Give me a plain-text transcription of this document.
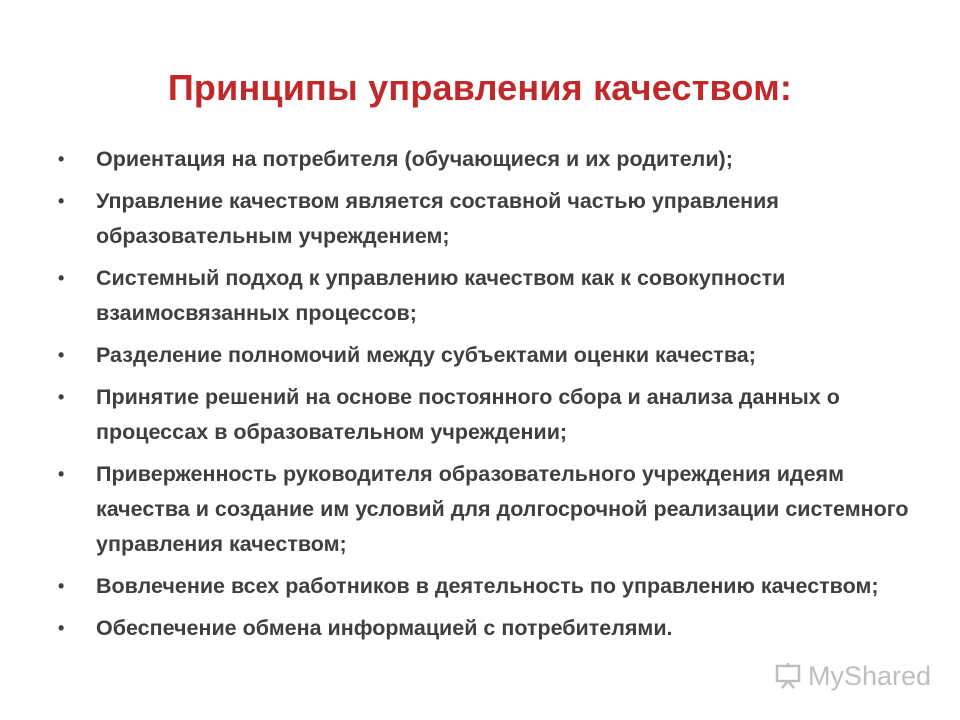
Принципы управления качеством:
• Ориентация на потребителя (обучающиеся и их родители);
• Управление качеством является составной частью управления образовательным учреждением;
• Системный подход к управлению качеством как к совокупности взаимосвязанных процессов;
• Разделение полномочий между субъектами оценки качества;
• Принятие решений на основе постоянного сбора и анализа данных о процессах в образовательном учреждении;
• Приверженность руководителя образовательного учреждения идеям качества и создание им условий для долгосрочной реализации системного управления качеством;
• Вовлечение всех работников в деятельность по управлению качеством;
• Обеспечение обмена информацией с потребителями.
MyShared
